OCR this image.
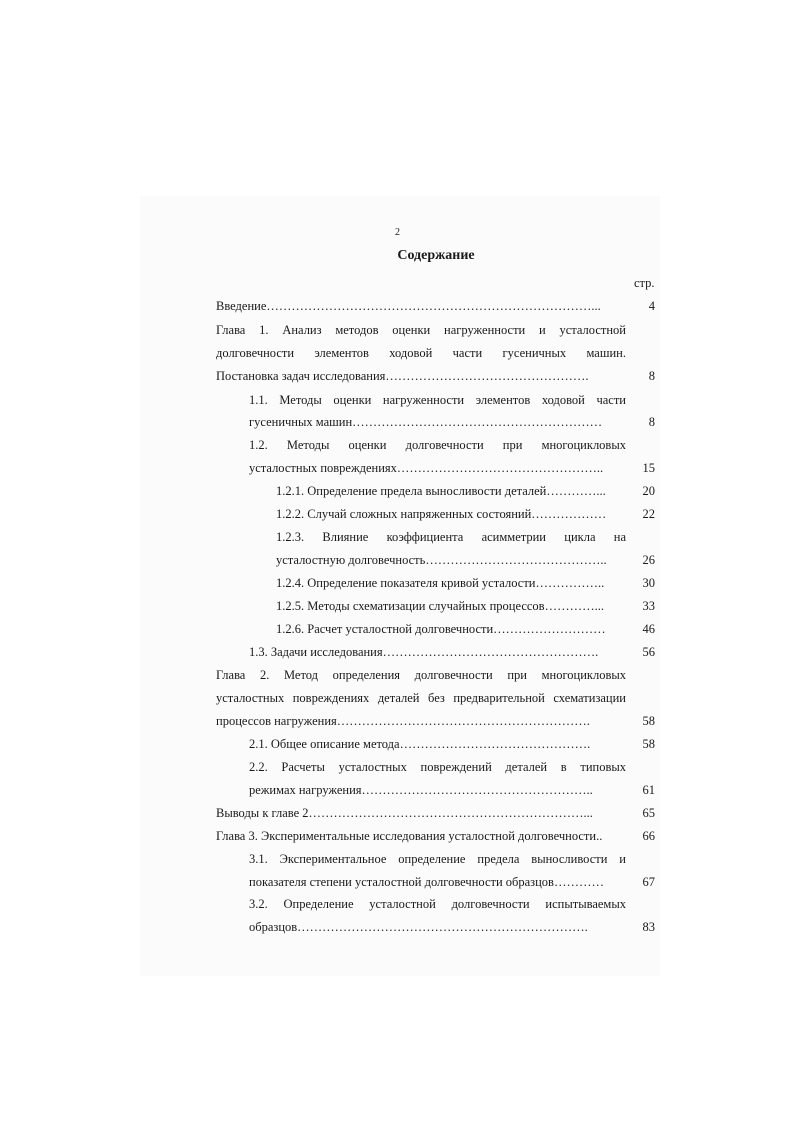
2
Содержание
стр.
Введение……………………………………………………………………...	4
Глава 1. Анализ методов оценки нагруженности и усталостной
долговечности элементов ходовой части гусеничных машин.
Постановка задач исследования………………………………………….	8
1.1. Методы оценки нагруженности элементов ходовой части
гусеничных машин……………………………………………………	8
1.2. Методы оценки долговечности при многоцикловых
усталостных повреждениях…………………………………………..	15
1.2.1. Определение предела выносливости деталей…………...	20
1.2.2. Случай сложных напряженных состояний………………	22
1.2.3. Влияние коэффициента асимметрии цикла на
усталостную долговечность……………………………………..	26
1.2.4. Определение показателя кривой усталости……………..	30
1.2.5. Методы схематизации случайных процессов…………...	33
1.2.6. Расчет усталостной долговечности………………………	46
1.3. Задачи исследования…………………………………………….	56
Глава 2. Метод определения долговечности при многоцикловых
усталостных повреждениях деталей без предварительной схематизации
процессов нагружения…………………………………………………….	58
2.1. Общее описание метода……………………………………….	58
2.2. Расчеты усталостных повреждений деталей в типовых
режимах нагружения………………………………………………..	61
Выводы к главе 2…………………………………………………………...	65
Глава 3. Экспериментальные исследования усталостной долговечности..	66
3.1. Экспериментальное определение предела выносливости и
показателя степени усталостной долговечности образцов…………	67
3.2. Определение усталостной долговечности испытываемых
образцов…………………………………………………………….	83
